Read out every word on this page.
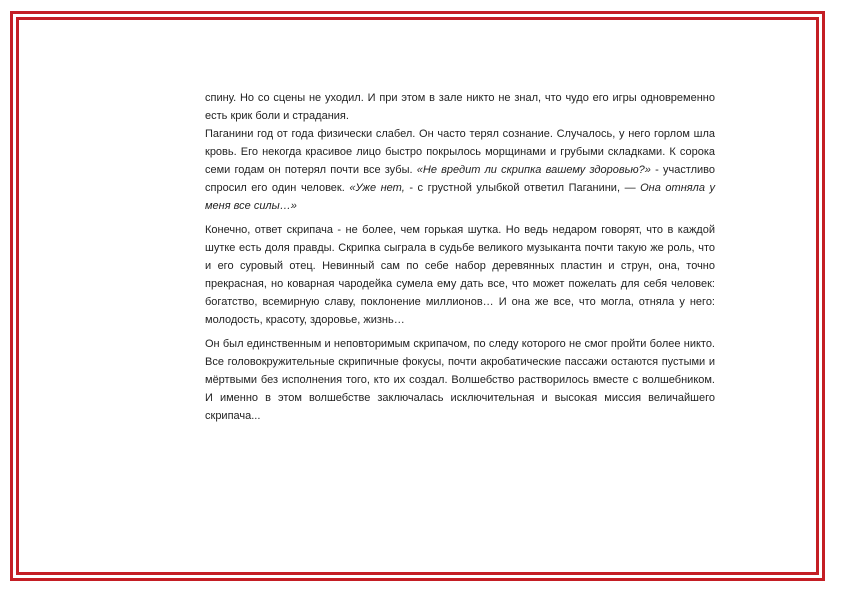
спину. Но со сцены не уходил. И при этом в зале никто не знал, что чудо его игры одновременно есть крик боли и страдания.

Паганини год от года физически слабел. Он часто терял сознание. Случалось, у него горлом шла кровь. Его некогда красивое лицо быстро покрылось морщинами и грубыми складками. К сорока семи годам он потерял почти все зубы. «Не вредит ли скрипка вашему здоровью?» - участливо спросил его один человек. «Уже нет, - с грустной улыбкой ответил Паганини, — Она отняла у меня все силы…»

Конечно, ответ скрипача - не более, чем горькая шутка. Но ведь недаром говорят, что в каждой шутке есть доля правды. Скрипка сыграла в судьбе великого музыканта почти такую же роль, что и его суровый отец. Невинный сам по себе набор деревянных пластин и струн, она, точно прекрасная, но коварная чародейка сумела ему дать все, что может пожелать для себя человек: богатство, всемирную славу, поклонение миллионов… И она же все, что могла, отняла у него: молодость, красоту, здоровье, жизнь…

Он был единственным и неповторимым скрипачом, по следу которого не смог пройти более никто. Все головокружительные скрипичные фокусы, почти акробатические пассажи остаются пустыми и мёртвыми без исполнения того, кто их создал. Волшебство растворилось вместе с волшебником. И именно в этом волшебстве заключалась исключительная и высокая миссия величайшего скрипача...
